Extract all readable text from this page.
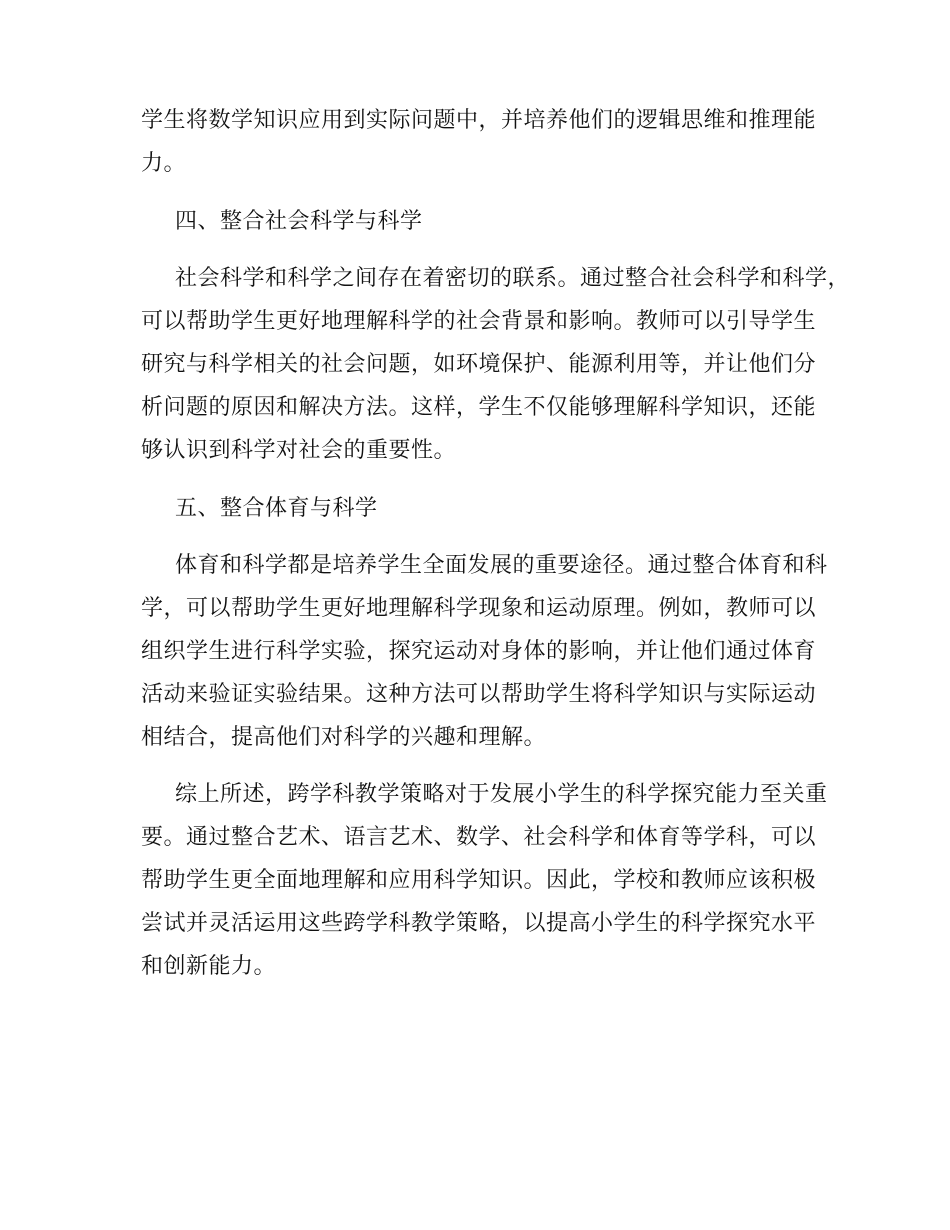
学生将数学知识应用到实际问题中，并培养他们的逻辑思维和推理能
力。
四、整合社会科学与科学
社会科学和科学之间存在着密切的联系。通过整合社会科学和科学，
可以帮助学生更好地理解科学的社会背景和影响。教师可以引导学生
研究与科学相关的社会问题，如环境保护、能源利用等，并让他们分
析问题的原因和解决方法。这样，学生不仅能够理解科学知识，还能
够认识到科学对社会的重要性。
五、整合体育与科学
体育和科学都是培养学生全面发展的重要途径。通过整合体育和科
学，可以帮助学生更好地理解科学现象和运动原理。例如，教师可以
组织学生进行科学实验，探究运动对身体的影响，并让他们通过体育
活动来验证实验结果。这种方法可以帮助学生将科学知识与实际运动
相结合，提高他们对科学的兴趣和理解。
综上所述，跨学科教学策略对于发展小学生的科学探究能力至关重
要。通过整合艺术、语言艺术、数学、社会科学和体育等学科，可以
帮助学生更全面地理解和应用科学知识。因此，学校和教师应该积极
尝试并灵活运用这些跨学科教学策略，以提高小学生的科学探究水平
和创新能力。
